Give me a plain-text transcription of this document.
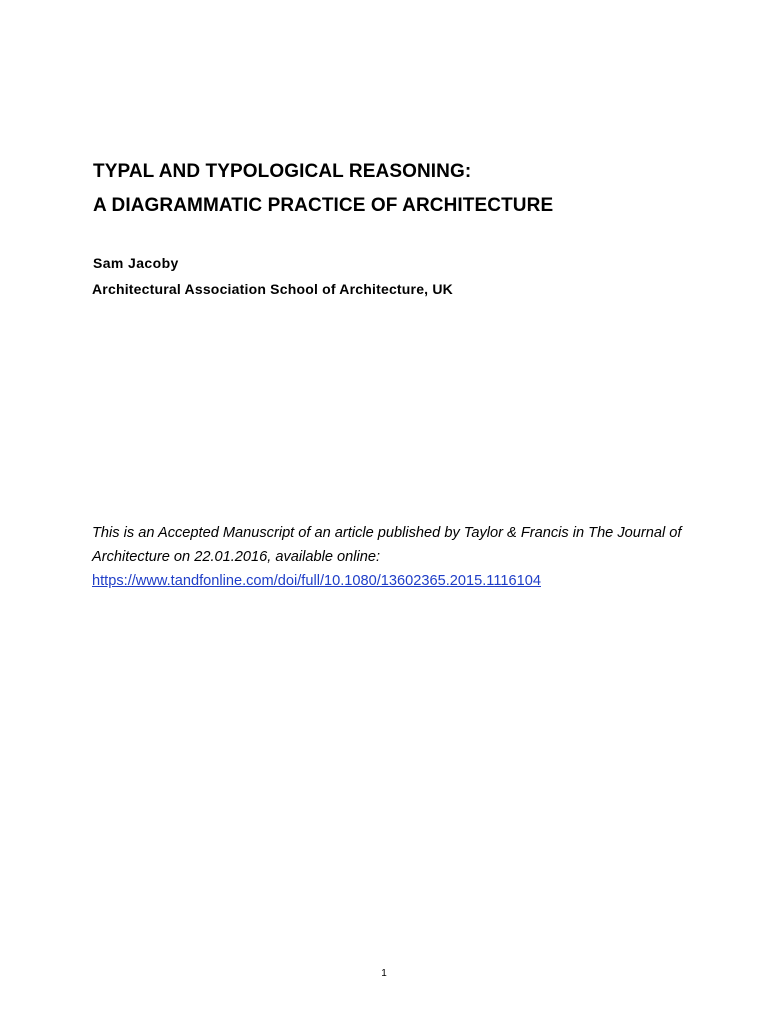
TYPAL AND TYPOLOGICAL REASONING:
A DIAGRAMMATIC PRACTICE OF ARCHITECTURE
Sam Jacoby
Architectural Association School of Architecture, UK

This is an Accepted Manuscript of an article published by Taylor & Francis in The Journal of Architecture on 22.01.2016, available online:

https://www.tandfonline.com/doi/full/10.1080/13602365.2015.1116104
1
